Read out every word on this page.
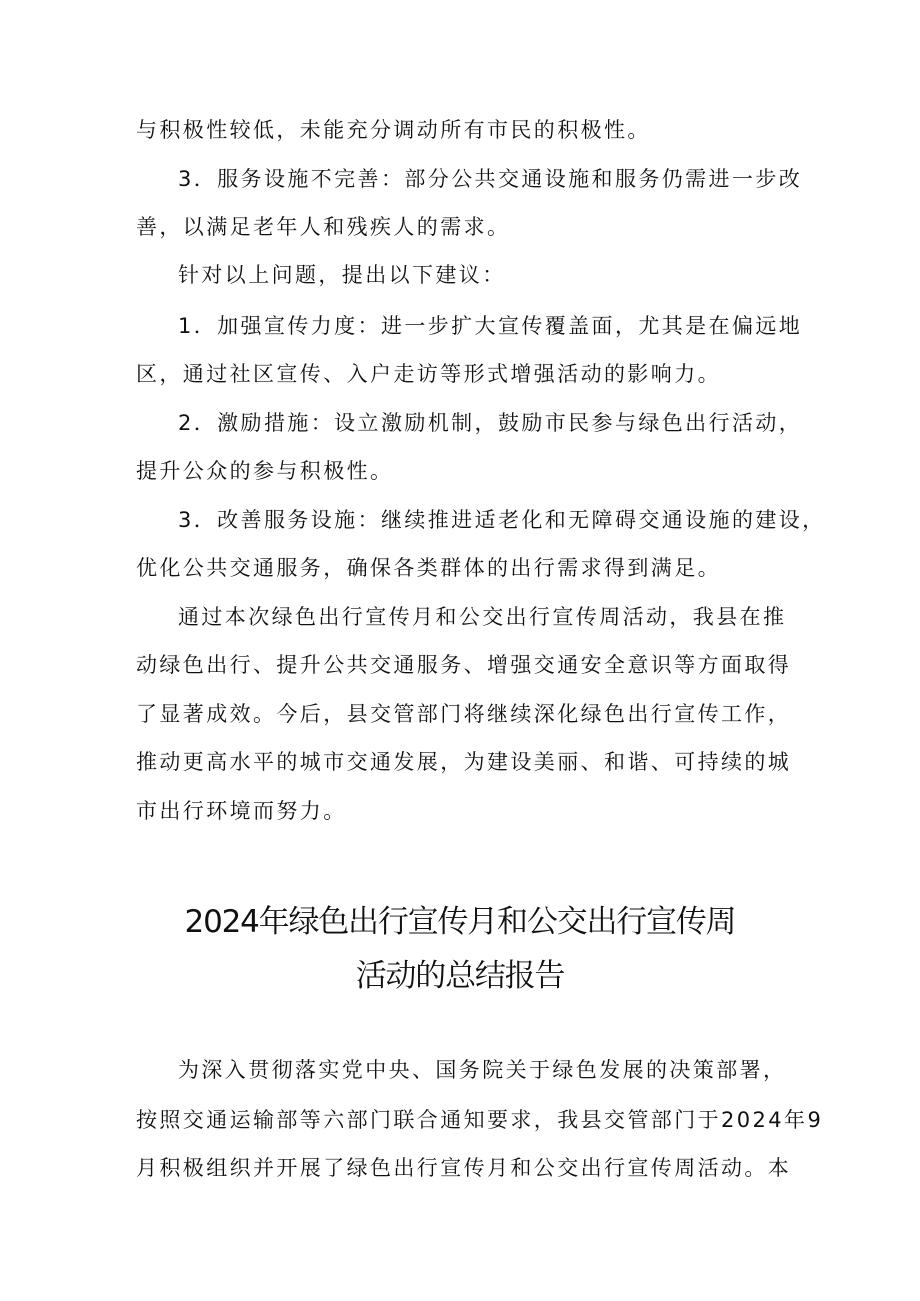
与积极性较低，未能充分调动所有市民的积极性。
3．服务设施不完善：部分公共交通设施和服务仍需进一步改
善，以满足老年人和残疾人的需求。
针对以上问题，提出以下建议：
1．加强宣传力度：进一步扩大宣传覆盖面，尤其是在偏远地
区，通过社区宣传、入户走访等形式增强活动的影响力。
2．激励措施：设立激励机制，鼓励市民参与绿色出行活动，
提升公众的参与积极性。
3．改善服务设施：继续推进适老化和无障碍交通设施的建设，
优化公共交通服务，确保各类群体的出行需求得到满足。
通过本次绿色出行宣传月和公交出行宣传周活动，我县在推
动绿色出行、提升公共交通服务、增强交通安全意识等方面取得
了显著成效。今后，县交管部门将继续深化绿色出行宣传工作，
推动更高水平的城市交通发展，为建设美丽、和谐、可持续的城
市出行环境而努力。
2024年绿色出行宣传月和公交出行宣传周
活动的总结报告
为深入贯彻落实党中央、国务院关于绿色发展的决策部署，
按照交通运输部等六部门联合通知要求，我县交管部门于2024年9
月积极组织并开展了绿色出行宣传月和公交出行宣传周活动。本
